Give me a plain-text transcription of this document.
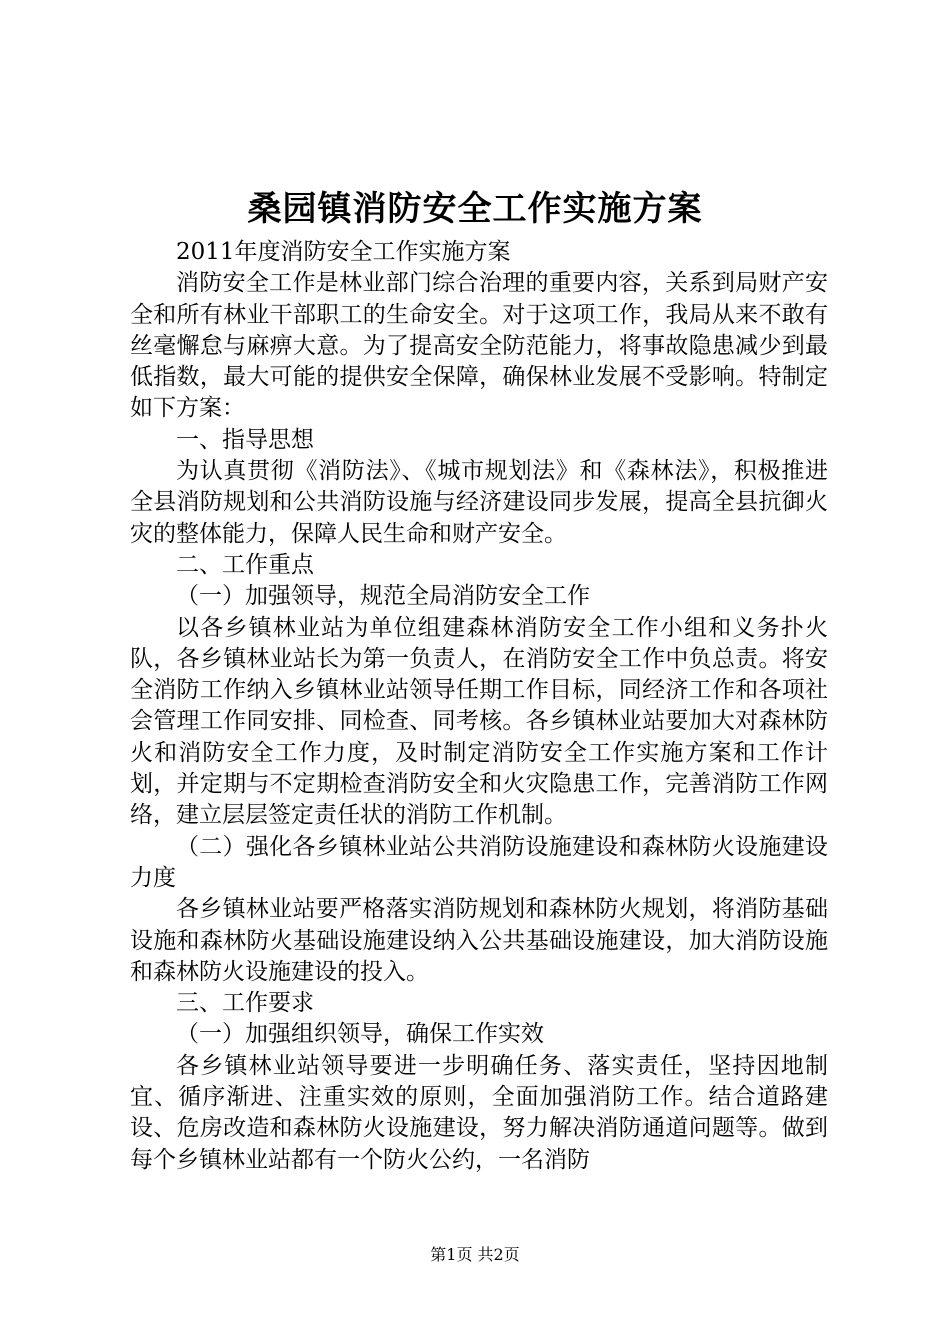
桑园镇消防安全工作实施方案

2011年度消防安全工作实施方案

消防安全工作是林业部门综合治理的重要内容，关系到局财产安全和所有林业干部职工的生命安全。对于这项工作，我局从来不敢有丝毫懈怠与麻痹大意。为了提高安全防范能力，将事故隐患减少到最低指数，最大可能的提供安全保障，确保林业发展不受影响。特制定如下方案：

一、指导思想

为认真贯彻《消防法》、《城市规划法》和《森林法》，积极推进全县消防规划和公共消防设施与经济建设同步发展，提高全县抗御火灾的整体能力，保障人民生命和财产安全。

二、工作重点

（一）加强领导，规范全局消防安全工作

以各乡镇林业站为单位组建森林消防安全工作小组和义务扑火队，各乡镇林业站长为第一负责人，在消防安全工作中负总责。将安全消防工作纳入乡镇林业站领导任期工作目标，同经济工作和各项社会管理工作同安排、同检查、同考核。各乡镇林业站要加大对森林防火和消防安全工作力度，及时制定消防安全工作实施方案和工作计划，并定期与不定期检查消防安全和火灾隐患工作，完善消防工作网络，建立层层签定责任状的消防工作机制。

（二）强化各乡镇林业站公共消防设施建设和森林防火设施建设力度

各乡镇林业站要严格落实消防规划和森林防火规划，将消防基础设施和森林防火基础设施建设纳入公共基础设施建设，加大消防设施和森林防火设施建设的投入。

三、工作要求

（一）加强组织领导，确保工作实效

各乡镇林业站领导要进一步明确任务、落实责任，坚持因地制宜、循序渐进、注重实效的原则，全面加强消防工作。结合道路建设、危房改造和森林防火设施建设，努力解决消防通道问题等。做到每个乡镇林业站都有一个防火公约，一名消防

第1页 共2页
